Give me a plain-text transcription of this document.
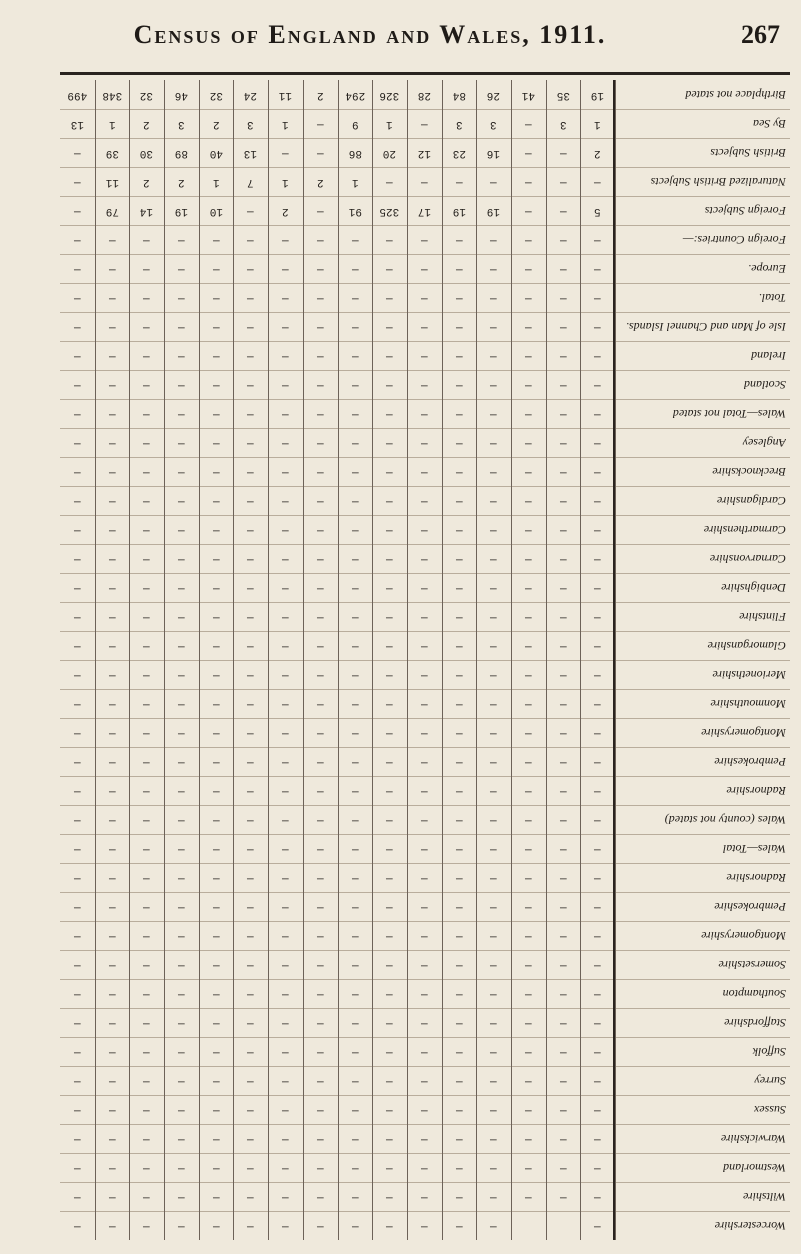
Census of England and Wales, 1911.	267
499
13
—
—
—
—
—
—
—
—
—
—
—
—
—
—
—
—
—
—
—
—
—
—
—
—
—
—
—
—
—
—
—
—
—
—
—
—
—
—
348
1
39
11
79
—
—
—
—
—
—
—
—
—
—
—
—
—
—
—
—
—
—
—
—
—
—
—
—
—
—
—
—
—
—
—
—
—
—
—
32
2
30
2
14
—
—
—
—
—
—
—
—
—
—
—
—
—
—
—
—
—
—
—
—
—
—
—
—
—
—
—
—
—
—
—
—
—
—
—
46
3
89
2
19
—
—
—
—
—
—
—
—
—
—
—
—
—
—
—
—
—
—
—
—
—
—
—
—
—
—
—
—
—
—
—
—
—
—
—
32
2
40
1
10
—
—
—
—
—
—
—
—
—
—
—
—
—
—
—
—
—
—
—
—
—
—
—
—
—
—
—
—
—
—
—
—
—
—
—
24
3
13
7
—
—
—
—
—
—
—
—
—
—
—
—
—
—
—
—
—
—
—
—
—
—
—
—
—
—
—
—
—
—
—
—
—
—
—
—
11
1
—
1
2
—
—
—
—
—
—
—
—
—
—
—
—
—
—
—
—
—
—
—
—
—
—
—
—
—
—
—
—
—
—
—
—
—
—
—
2
—
—
2
—
—
—
—
—
—
—
—
—
—
—
—
—
—
—
—
—
—
—
—
—
—
—
—
—
—
—
—
—
—
—
—
—
—
—
—
294
9
86
1
91
—
—
—
—
—
—
—
—
—
—
—
—
—
—
—
—
—
—
—
—
—
—
—
—
—
—
—
—
—
—
—
—
—
—
—
326
1
20
—
325
—
—
—
—
—
—
—
—
—
—
—
—
—
—
—
—
—
—
—
—
—
—
—
—
—
—
—
—
—
—
—
—
—
—
—
28
—
12
—
17
—
—
—
—
—
—
—
—
—
—
—
—
—
—
—
—
—
—
—
—
—
—
—
—
—
—
—
—
—
—
—
—
—
—
—
84
3
23
—
19
—
—
—
—
—
—
—
—
—
—
—
—
—
—
—
—
—
—
—
—
—
—
—
—
—
—
—
—
—
—
—
—
—
—
—
26
3
16
—
19
—
—
—
—
—
—
—
—
—
—
—
—
—
—
—
—
—
—
—
—
—
—
—
—
—
—
—
—
—
—
—
—
—
—
—
41
—
—
—
—
—
—
—
—
—
—
—
—
—
—
—
—
—
—
—
—
—
—
—
—
—
—
—
—
—
—
—
—
—
—
—
—
—
—
35
3
—
—
—
—
—
—
—
—
—
—
—
—
—
—
—
—
—
—
—
—
—
—
—
—
—
—
—
—
—
—
—
—
—
—
—
—
—
19
1
2
—
5
—
—
—
—
—
—
—
—
—
—
—
—
—
—
—
—
—
—
—
—
—
—
—
—
—
—
—
—
—
—
—
—
—
—
—
Birthplace not stated
By Sea
British Subjects
Naturalized British Subjects
Foreign Subjects
Foreign Countries:—
Europe.
Total.
Isle of Man and Channel Islands.
Ireland
Scotland
Wales—Total not stated
Anglesey
Brecknockshire
Cardiganshire
Carmarthenshire
Carnarvonshire
Denbighshire
Flintshire
Glamorganshire
Merionethshire
Monmouthshire
Montgomeryshire
Pembrokeshire
Radnorshire
Wales (county not stated)
Wales—Total
Radnorshire
Pembrokeshire
Montgomeryshire
Somersetshire
Southampton
Staffordshire
Suffolk
Surrey
Sussex
Warwickshire
Westmorland
Wiltshire
Worcestershire
